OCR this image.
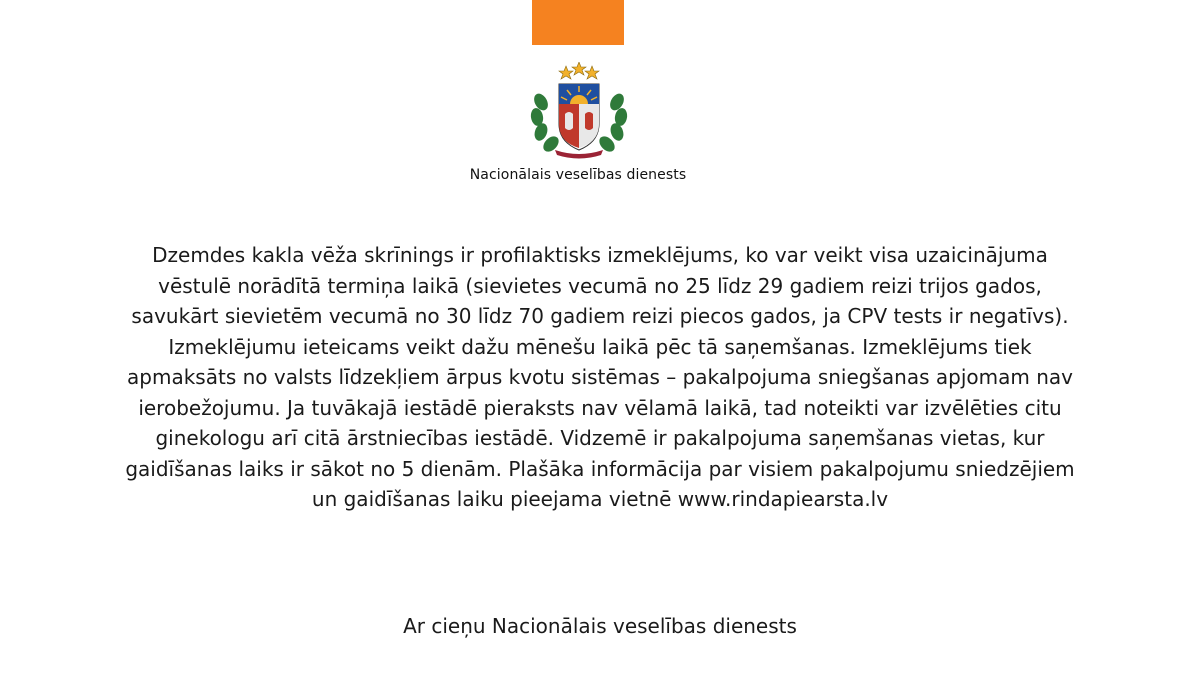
Nacionālais veselības dienests
Dzemdes kakla vēža skrīnings ir profilaktisks izmeklējums, ko var veikt visa uzaicinājuma
vēstulē norādītā termiņa laikā (sievietes vecumā no 25 līdz 29 gadiem reizi trijos gados,
savukārt sievietēm vecumā no 30 līdz 70 gadiem reizi piecos gados, ja CPV tests ir negatīvs).
Izmeklējumu ieteicams veikt dažu mēnešu laikā pēc tā saņemšanas. Izmeklējums tiek
apmaksāts no valsts līdzekļiem ārpus kvotu sistēmas – pakalpojuma sniegšanas apjomam nav
ierobežojumu. Ja tuvākajā iestādē pieraksts nav vēlamā laikā, tad noteikti var izvēlēties citu
ginekologu arī citā ārstniecības iestādē. Vidzemē ir pakalpojuma saņemšanas vietas, kur
gaidīšanas laiks ir sākot no 5 dienām. Plašāka informācija par visiem pakalpojumu sniedzējiem
un gaidīšanas laiku pieejama vietnē www.rindapiearsta.lv
Ar cieņu Nacionālais veselības dienests
